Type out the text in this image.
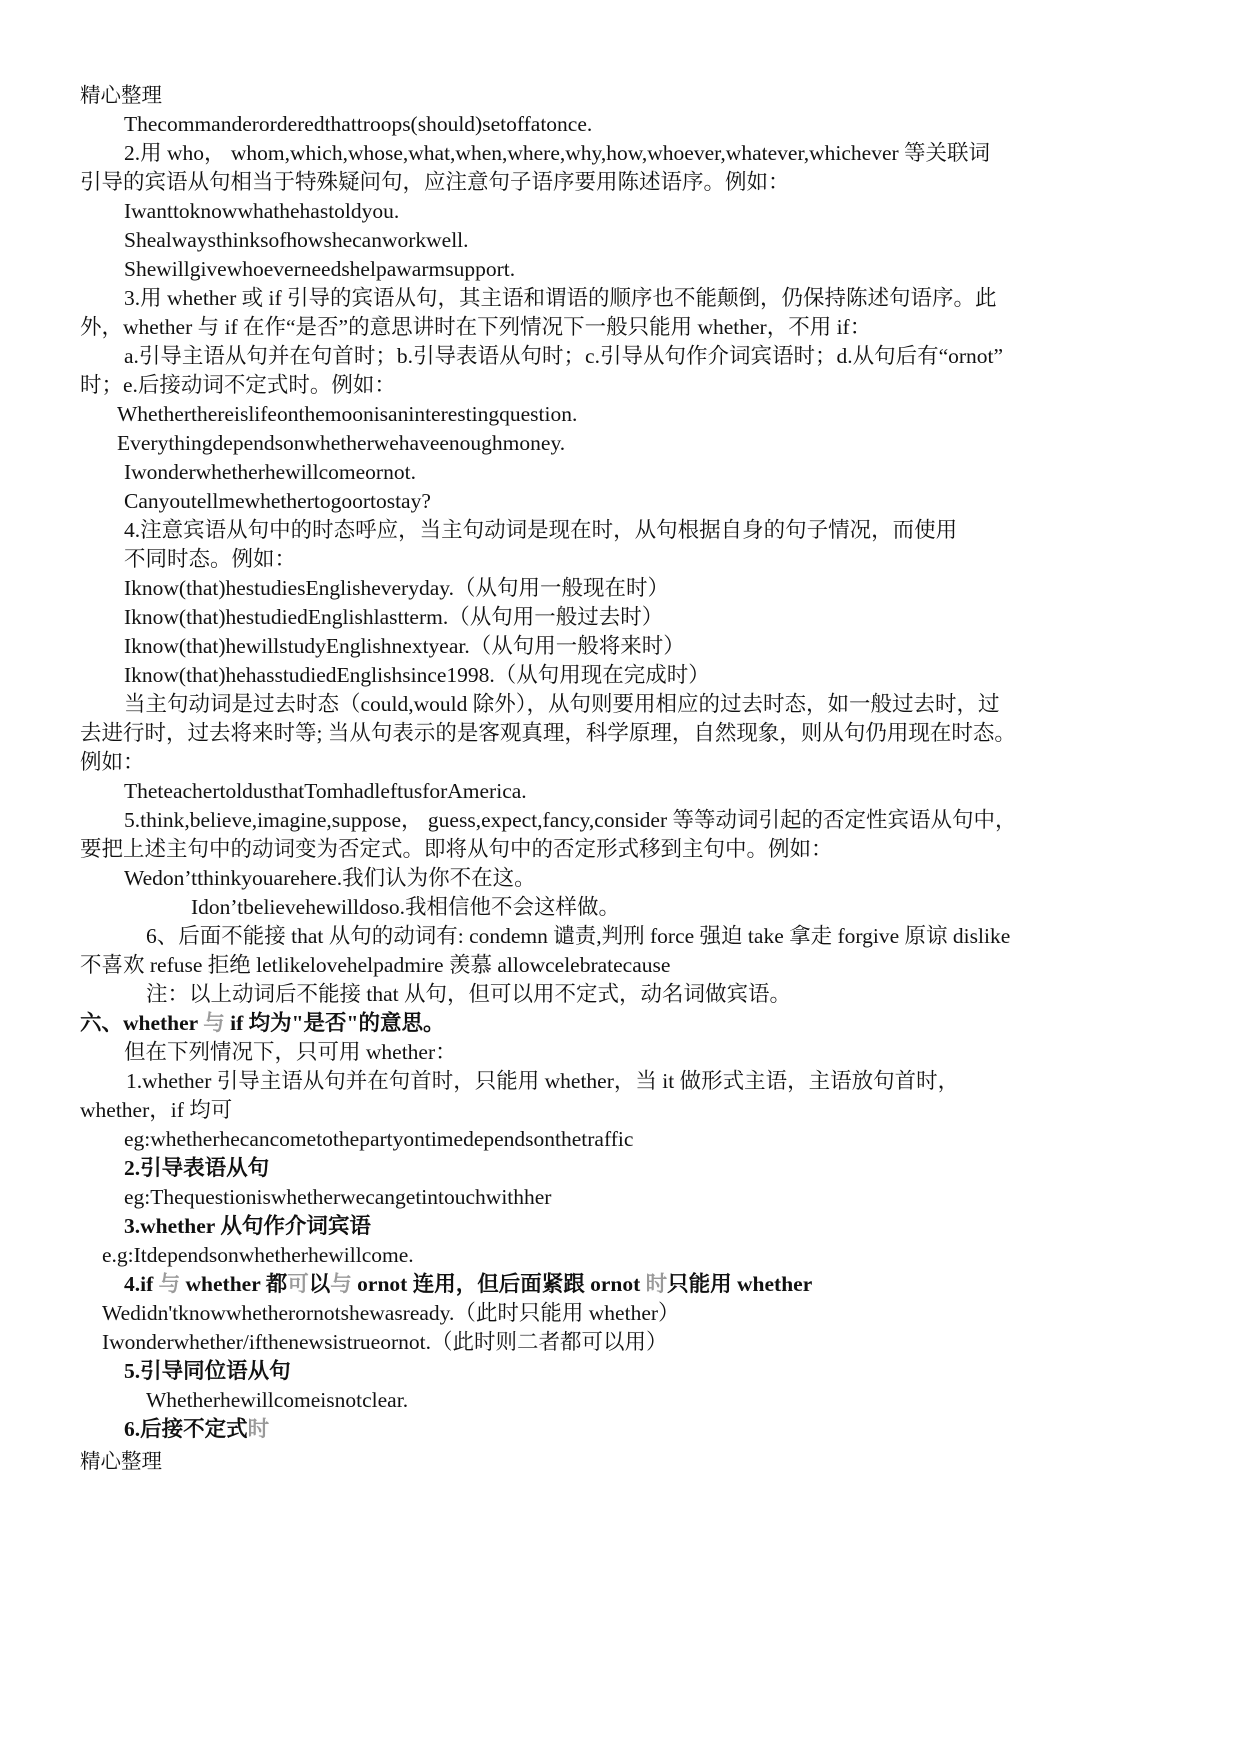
精心整理
Thecommanderorderedthattroops(should)setoffatonce.
2.用 who， whom,which,whose,what,when,where,why,how,whoever,whatever,whichever 等关联词
引导的宾语从句相当于特殊疑问句，应注意句子语序要用陈述语序。例如：
Iwanttoknowwhathehastoldyou.
Shealwaysthinksofhowshecanworkwell.
Shewillgivewhoeverneedshelpawarmsupport.
3.用 whether 或 if 引导的宾语从句，其主语和谓语的顺序也不能颠倒，仍保持陈述句语序。此
外，whether 与 if 在作“是否”的意思讲时在下列情况下一般只能用 whether，不用 if：
a.引导主语从句并在句首时；b.引导表语从句时；c.引导从句作介词宾语时；d.从句后有“ornot”
时；e.后接动词不定式时。例如：
Whetherthereislifeonthemoonisaninterestingquestion.
Everythingdependsonwhetherwehaveenoughmoney.
Iwonderwhetherhewillcomeornot.
Canyoutellmewhethertogoortostay?
4.注意宾语从句中的时态呼应，当主句动词是现在时，从句根据自身的句子情况，而使用
不同时态。例如：
Iknow(that)hestudiesEnglisheveryday.（从句用一般现在时）
Iknow(that)hestudiedEnglishlastterm.（从句用一般过去时）
Iknow(that)hewillstudyEnglishnextyear.（从句用一般将来时）
Iknow(that)hehasstudiedEnglishsince1998.（从句用现在完成时）
当主句动词是过去时态（could,would 除外），从句则要用相应的过去时态，如一般过去时，过
去进行时，过去将来时等; 当从句表示的是客观真理，科学原理，自然现象，则从句仍用现在时态。
例如：
TheteachertoldusthatTomhadleftusforAmerica.
5.think,believe,imagine,suppose， guess,expect,fancy,consider 等等动词引起的否定性宾语从句中，
要把上述主句中的动词变为否定式。即将从句中的否定形式移到主句中。例如：
Wedon’tthinkyouarehere.我们认为你不在这。
Idon’tbelievehewilldoso.我相信他不会这样做。
6、后面不能接 that 从句的动词有: condemn 谴责,判刑 force 强迫 take 拿走 forgive 原谅 dislike
不喜欢 refuse 拒绝 letlikelovehelpadmire 羡慕 allowcelebratecause
注：以上动词后不能接 that 从句，但可以用不定式，动名词做宾语。
六、whether 与 if 均为"是否"的意思。
但在下列情况下，只可用 whether：
1.whether 引导主语从句并在句首时，只能用 whether，当 it 做形式主语，主语放句首时，
whether，if 均可
eg:whetherhecancometothepartyontimedependsonthetraffic
2.引导表语从句
eg:Thequestioniswhetherwecangetintouchwithher
3.whether 从句作介词宾语
e.g:Itdependsonwhetherhewillcome.
4.if 与 whether 都可以与 ornot 连用，但后面紧跟 ornot 时只能用 whether
Wedidn'tknowwhetherornotshewasready.（此时只能用 whether）
Iwonderwhether/ifthenewsistrueornot.（此时则二者都可以用）
5.引导同位语从句
Whetherhewillcomeisnotclear.
6.后接不定式时
精心整理
